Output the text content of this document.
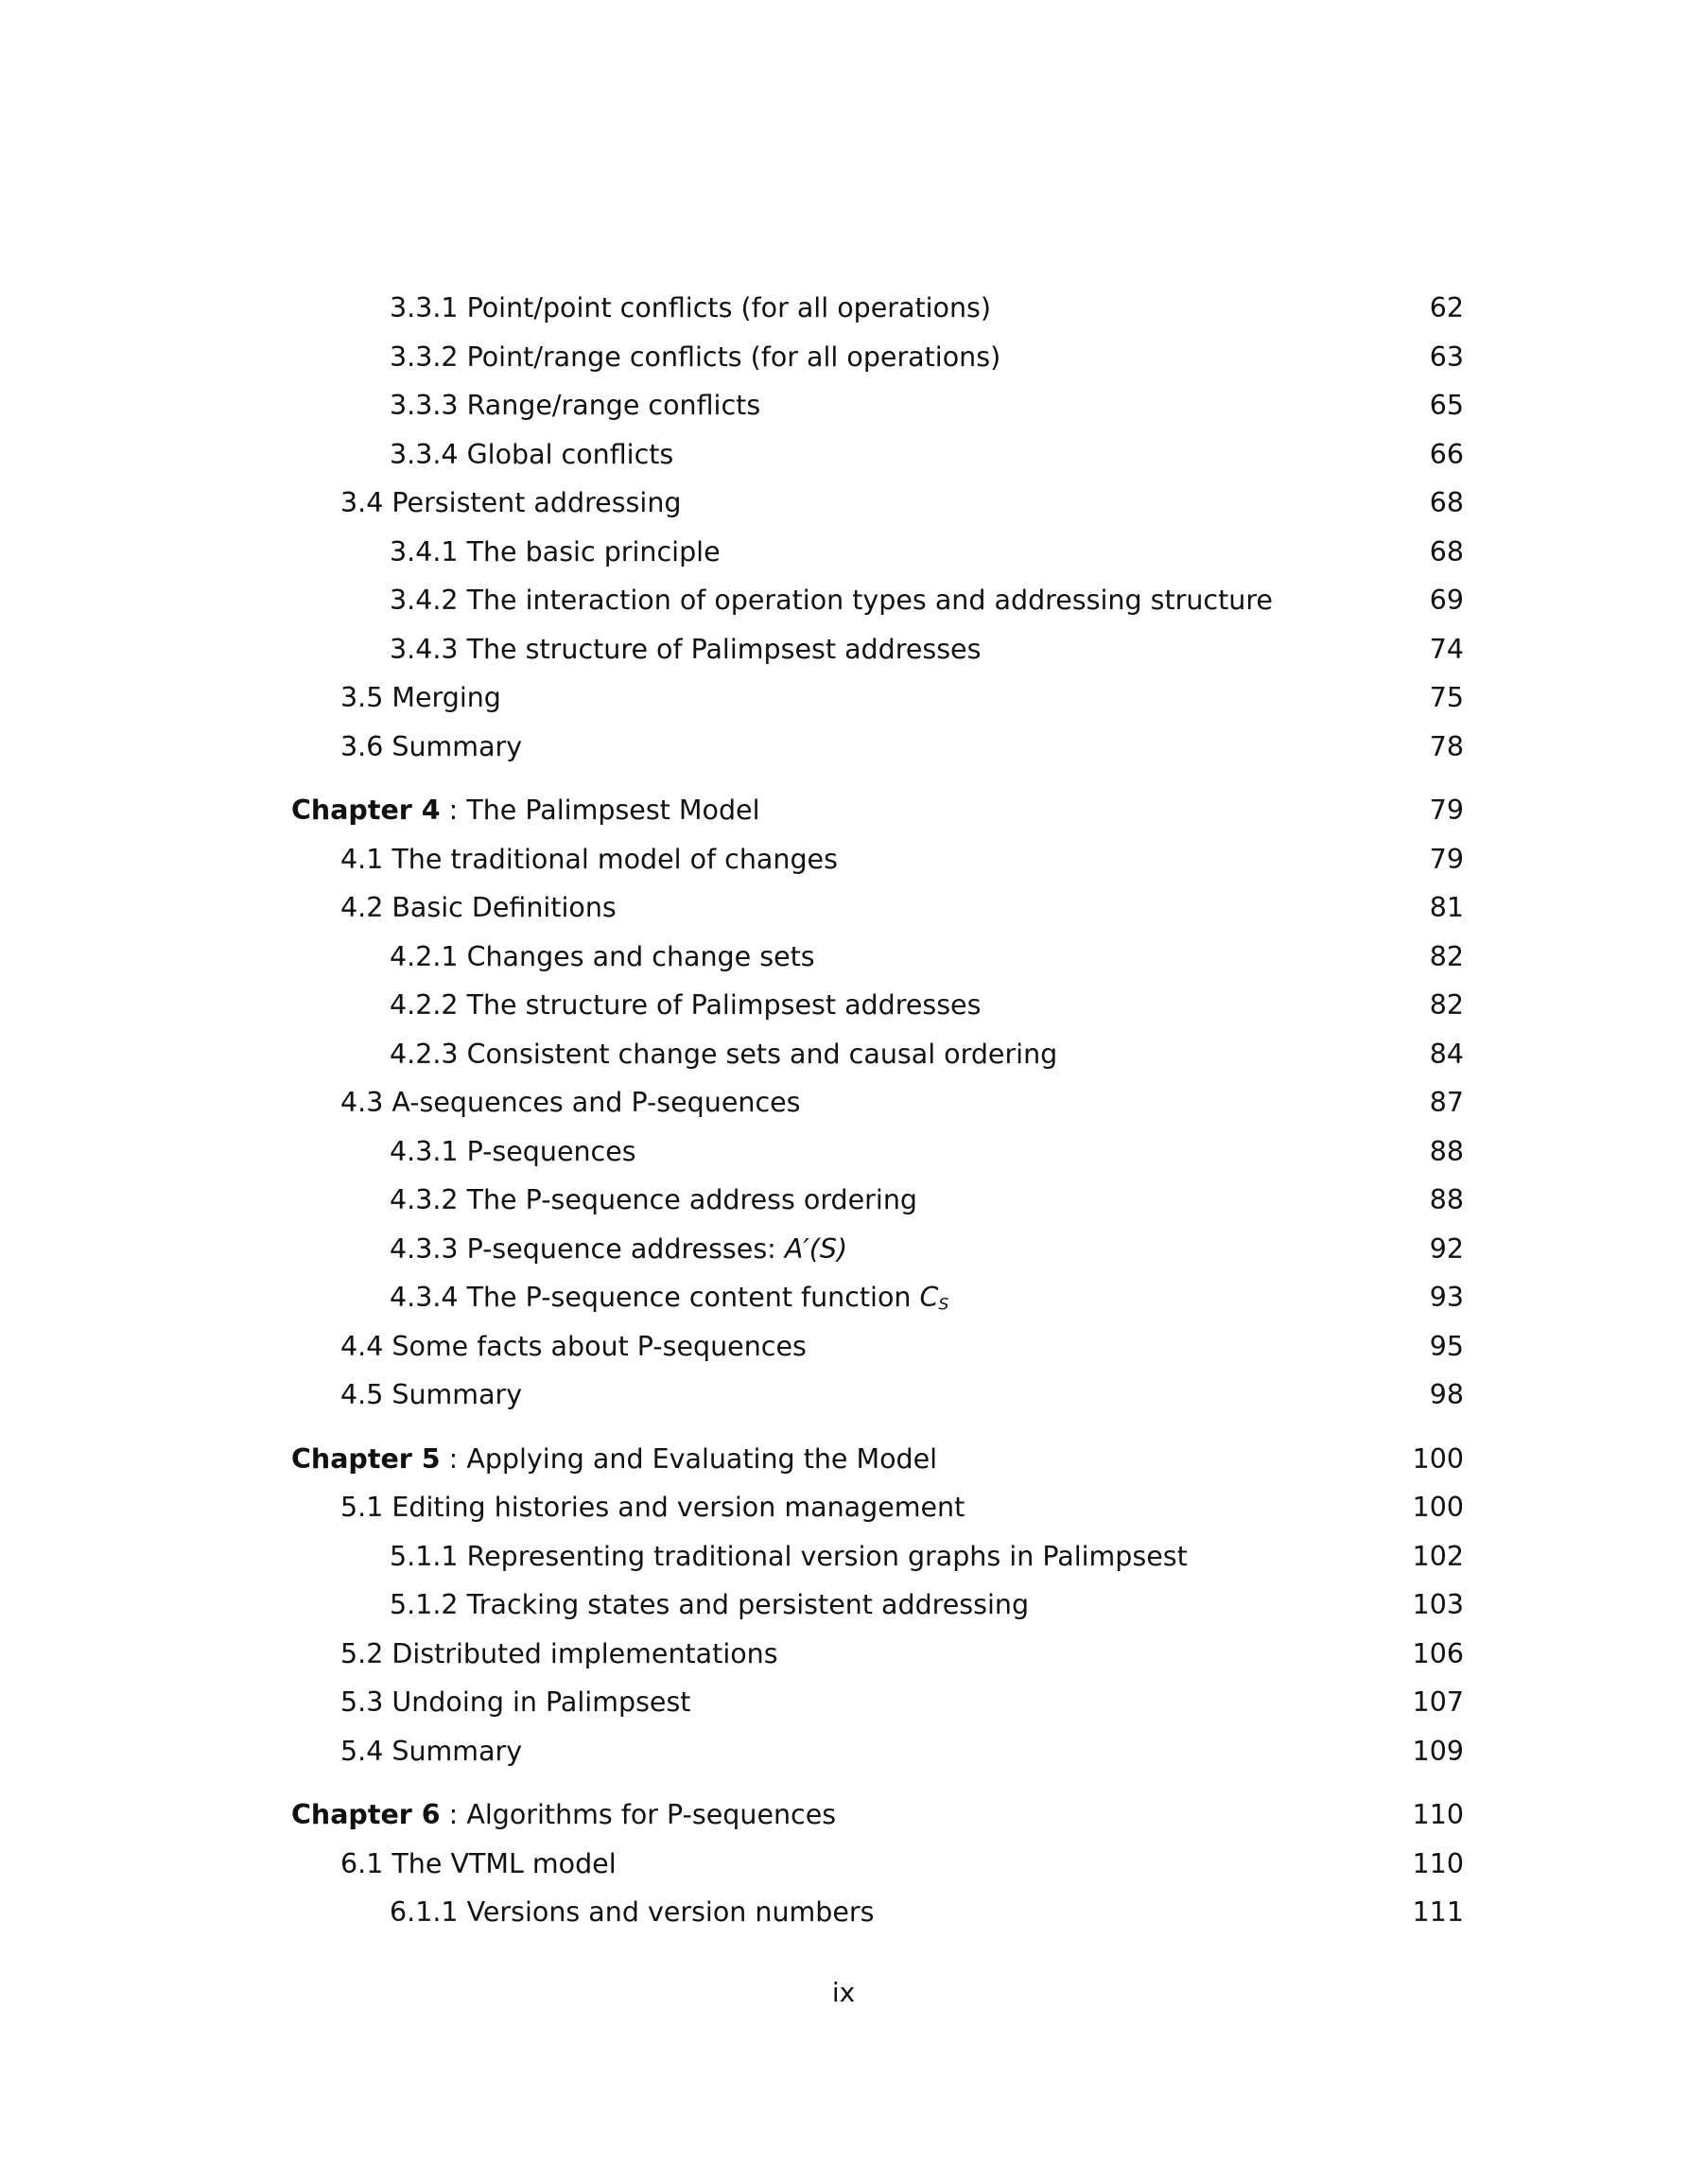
3.3.1 Point/point conflicts (for all operations)	62
3.3.2 Point/range conflicts (for all operations)	63
3.3.3 Range/range conflicts	65
3.3.4 Global conflicts	66
3.4 Persistent addressing	68
3.4.1 The basic principle	68
3.4.2 The interaction of operation types and addressing structure	69
3.4.3 The structure of Palimpsest addresses	74
3.5 Merging	75
3.6 Summary	78
Chapter 4 : The Palimpsest Model	79
4.1 The traditional model of changes	79
4.2 Basic Definitions	81
4.2.1 Changes and change sets	82
4.2.2 The structure of Palimpsest addresses	82
4.2.3 Consistent change sets and causal ordering	84
4.3 A-sequences and P-sequences	87
4.3.1 P-sequences	88
4.3.2 The P-sequence address ordering	88
4.3.3 P-sequence addresses: A′(S)	92
4.3.4 The P-sequence content function $C_S$	93
4.4 Some facts about P-sequences	95
4.5 Summary	98
Chapter 5 : Applying and Evaluating the Model	100
5.1 Editing histories and version management	100
5.1.1 Representing traditional version graphs in Palimpsest	102
5.1.2 Tracking states and persistent addressing	103
5.2 Distributed implementations	106
5.3 Undoing in Palimpsest	107
5.4 Summary	109
Chapter 6 : Algorithms for P-sequences	110
6.1 The VTML model	110
6.1.1 Versions and version numbers	111
ix
